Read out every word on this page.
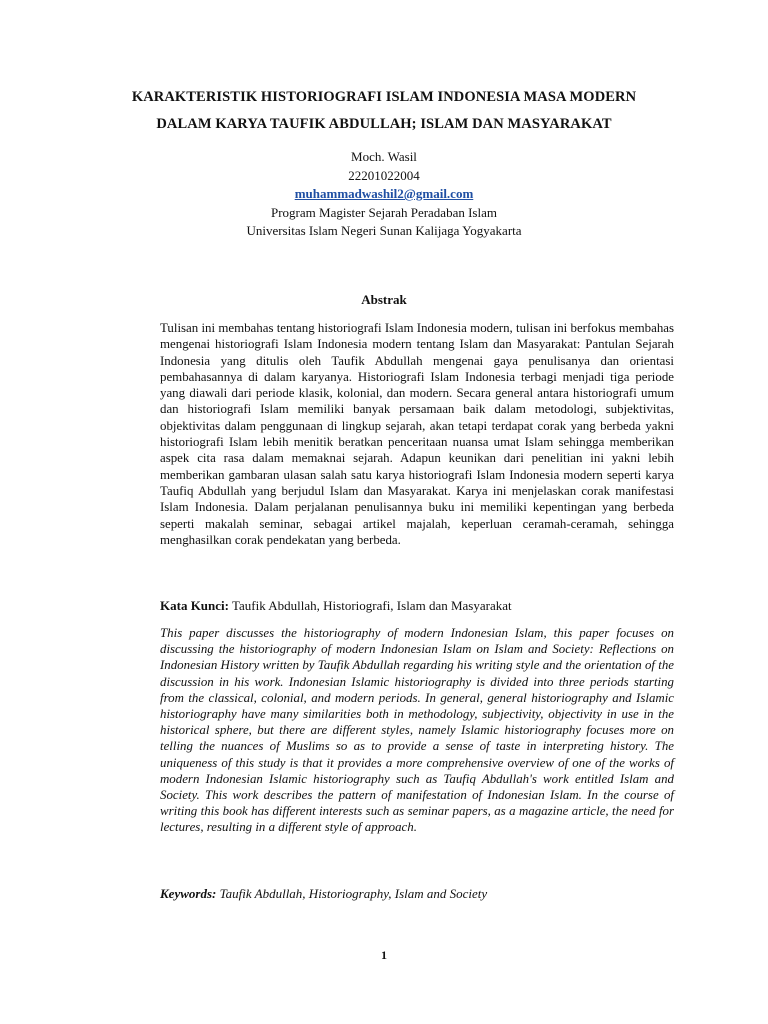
KARAKTERISTIK HISTORIOGRAFI ISLAM INDONESIA MASA MODERN
DALAM KARYA TAUFIK ABDULLAH; ISLAM DAN MASYARAKAT
Moch. Wasil
22201022004
muhammadwashil2@gmail.com
Program Magister Sejarah Peradaban Islam
Universitas Islam Negeri Sunan Kalijaga Yogyakarta
Abstrak
Tulisan ini membahas tentang historiografi Islam Indonesia modern, tulisan ini berfokus membahas mengenai historiografi Islam Indonesia modern tentang Islam dan Masyarakat: Pantulan Sejarah Indonesia yang ditulis oleh Taufik Abdullah mengenai gaya penulisanya dan orientasi pembahasannya di dalam karyanya. Historiografi Islam Indonesia terbagi menjadi tiga periode yang diawali dari periode klasik, kolonial, dan modern. Secara general antara historiografi umum dan historiografi Islam memiliki banyak persamaan baik dalam metodologi, subjektivitas, objektivitas dalam penggunaan di lingkup sejarah, akan tetapi terdapat corak yang berbeda yakni historiografi Islam lebih menitik beratkan penceritaan nuansa umat Islam sehingga memberikan aspek cita rasa dalam memaknai sejarah. Adapun keunikan dari penelitian ini yakni lebih memberikan gambaran ulasan salah satu karya historiografi Islam Indonesia modern seperti karya Taufiq Abdullah yang berjudul Islam dan Masyarakat. Karya ini menjelaskan corak manifestasi Islam Indonesia. Dalam perjalanan penulisannya buku ini memiliki kepentingan yang berbeda seperti makalah seminar, sebagai artikel majalah, keperluan ceramah-ceramah, sehingga menghasilkan corak pendekatan yang berbeda.
Kata Kunci: Taufik Abdullah, Historiografi, Islam dan Masyarakat
This paper discusses the historiography of modern Indonesian Islam, this paper focuses on discussing the historiography of modern Indonesian Islam on Islam and Society: Reflections on Indonesian History written by Taufik Abdullah regarding his writing style and the orientation of the discussion in his work. Indonesian Islamic historiography is divided into three periods starting from the classical, colonial, and modern periods. In general, general historiography and Islamic historiography have many similarities both in methodology, subjectivity, objectivity in use in the historical sphere, but there are different styles, namely Islamic historiography focuses more on telling the nuances of Muslims so as to provide a sense of taste in interpreting history. The uniqueness of this study is that it provides a more comprehensive overview of one of the works of modern Indonesian Islamic historiography such as Taufiq Abdullah's work entitled Islam and Society. This work describes the pattern of manifestation of Indonesian Islam. In the course of writing this book has different interests such as seminar papers, as a magazine article, the need for lectures, resulting in a different style of approach.
Keywords: Taufik Abdullah, Historiography, Islam and Society
1
